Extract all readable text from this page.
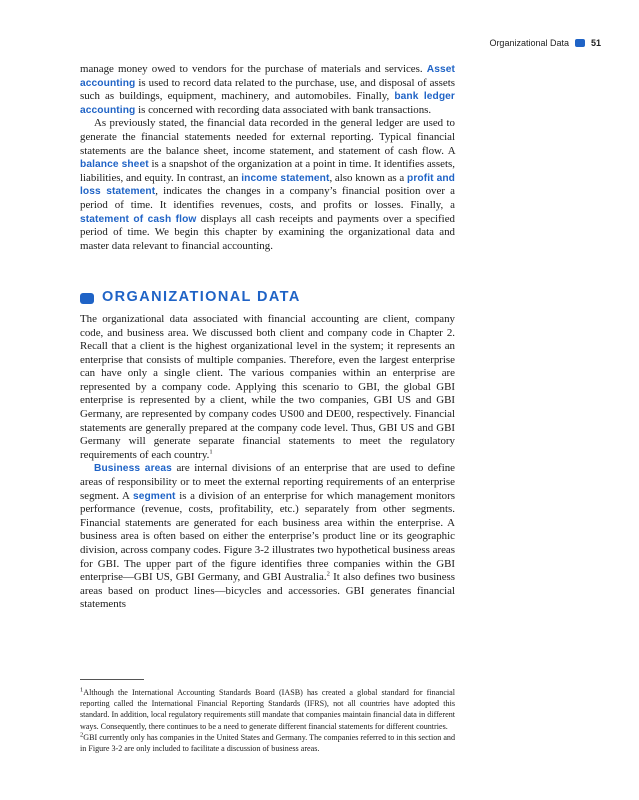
Organizational Data 51

manage money owed to vendors for the purchase of materials and services. Asset accounting is used to record data related to the purchase, use, and disposal of assets such as buildings, equipment, machinery, and automobiles. Finally, bank ledger accounting is concerned with recording data associated with bank transactions.

As previously stated, the financial data recorded in the general ledger are used to generate the financial statements needed for external reporting. Typical financial statements are the balance sheet, income statement, and statement of cash flow. A balance sheet is a snapshot of the organization at a point in time. It identifies assets, liabilities, and equity. In contrast, an income statement, also known as a profit and loss statement, indicates the changes in a company’s financial position over a period of time. It identifies revenues, costs, and profits or losses. Finally, a statement of cash flow displays all cash receipts and payments over a specified period of time. We begin this chapter by examining the organizational data and master data relevant to financial accounting.

ORGANIZATIONAL DATA

The organizational data associated with financial accounting are client, company code, and business area. We discussed both client and company code in Chapter 2. Recall that a client is the highest organizational level in the system; it represents an enterprise that consists of multiple companies. Therefore, even the largest enterprise can have only a single client. The various companies within an enterprise are represented by a company code. Applying this scenario to GBI, the global GBI enterprise is represented by a client, while the two companies, GBI US and GBI Germany, are represented by company codes US00 and DE00, respectively. Financial statements are generally prepared at the company code level. Thus, GBI US and GBI Germany will generate separate financial statements to meet the regulatory requirements of each country.$^1$

Business areas are internal divisions of an enterprise that are used to define areas of responsibility or to meet the external reporting requirements of an enterprise segment. A segment is a division of an enterprise for which management monitors performance (revenue, costs, profitability, etc.) separately from other segments. Financial statements are generated for each business area within the enterprise. A business area is often based on either the enterprise’s product line or its geographic division, across company codes. Figure 3-2 illustrates two hypothetical business areas for GBI. The upper part of the figure identifies three companies within the GBI enterprise—GBI US, GBI Germany, and GBI Australia.$^2$ It also defines two business areas based on product lines—bicycles and accessories. GBI generates financial statements

$^1$Although the International Accounting Standards Board (IASB) has created a global standard for financial reporting called the International Financial Reporting Standards (IFRS), not all countries have adopted this standard. In addition, local regulatory requirements still mandate that companies maintain financial data in different ways. Consequently, there continues to be a need to generate different financial statements for different countries.

$^2$GBI currently only has companies in the United States and Germany. The companies referred to in this section and in Figure 3-2 are only included to facilitate a discussion of business areas.
